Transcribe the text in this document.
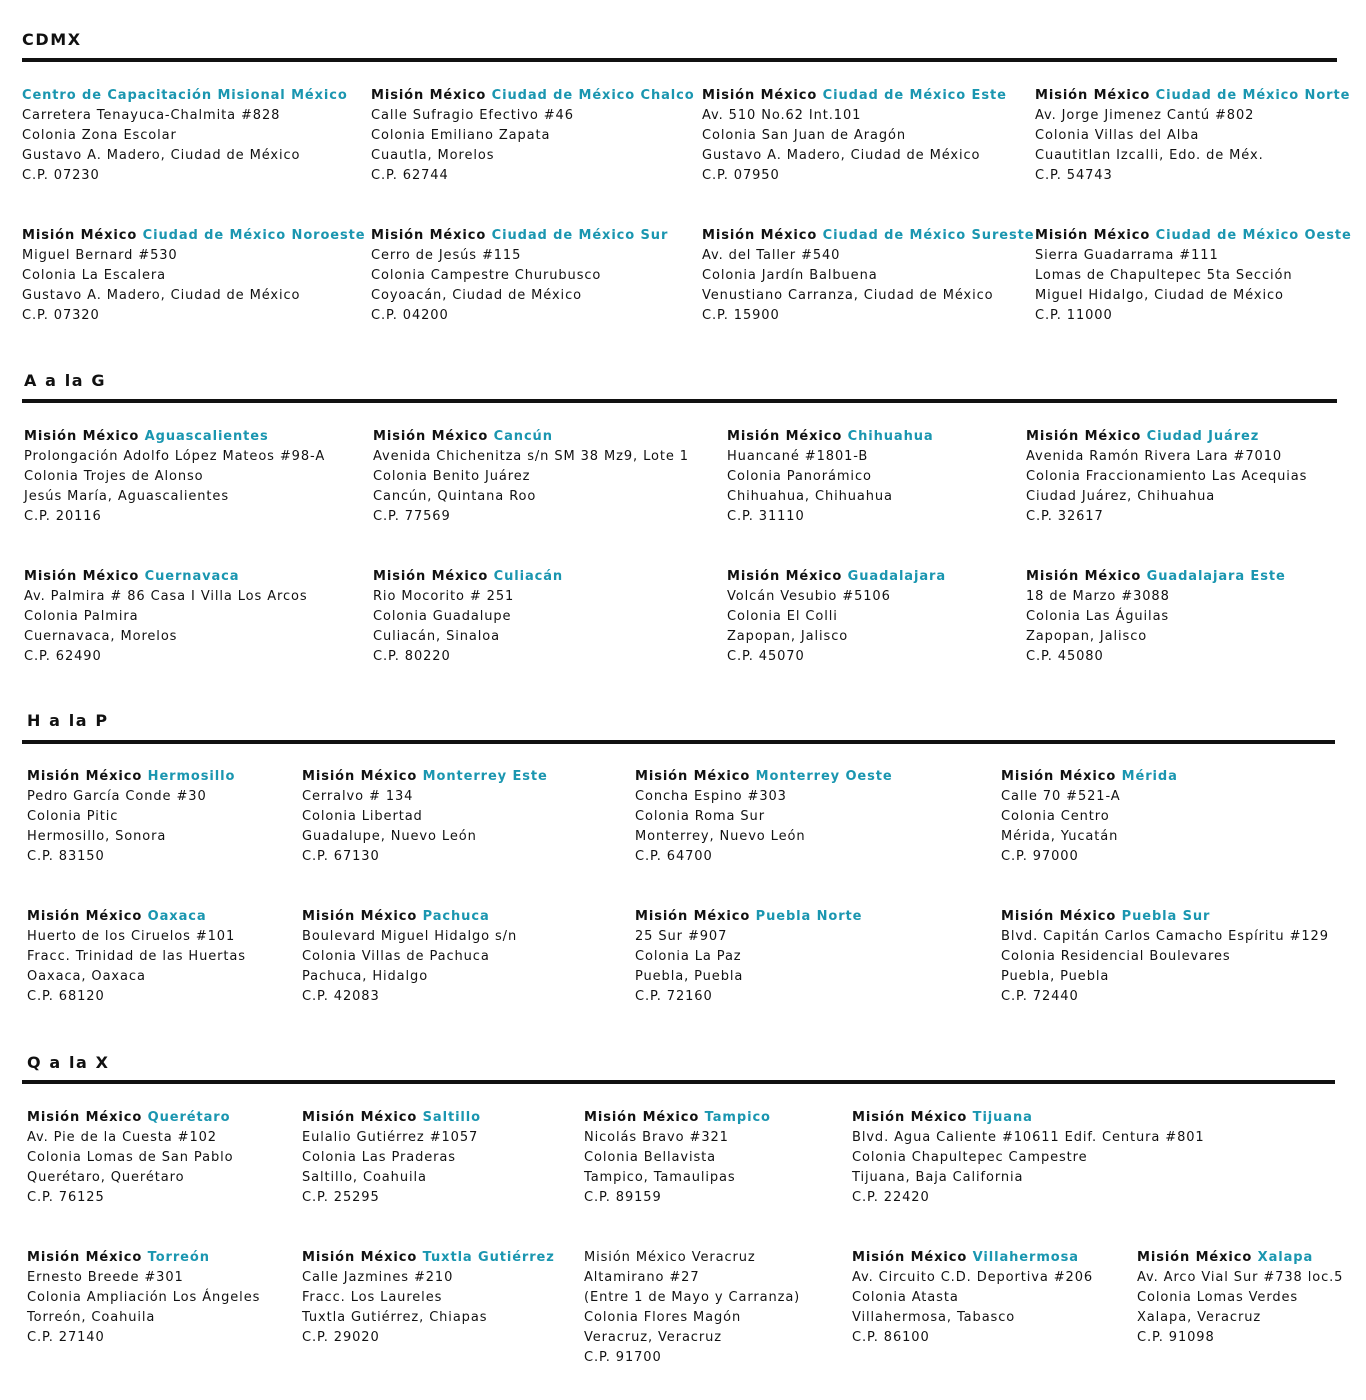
CDMX
Centro de Capacitación Misional México
Carretera Tenayuca-Chalmita #828
Colonia Zona Escolar
Gustavo A. Madero, Ciudad de México
C.P. 07230
Misión México Ciudad de México Chalco
Calle Sufragio Efectivo #46
Colonia Emiliano Zapata
Cuautla, Morelos
C.P. 62744
Misión México Ciudad de México Este
Av. 510 No.62 Int.101
Colonia San Juan de Aragón
Gustavo A. Madero, Ciudad de México
C.P. 07950
Misión México Ciudad de México Norte
Av. Jorge Jimenez Cantú #802
Colonia Villas del Alba
Cuautitlan Izcalli, Edo. de Méx.
C.P. 54743
Misión México Ciudad de México Noroeste
Miguel Bernard #530
Colonia La Escalera
Gustavo A. Madero, Ciudad de México
C.P. 07320
Misión México Ciudad de México Sur
Cerro de Jesús #115
Colonia Campestre Churubusco
Coyoacán, Ciudad de México
C.P. 04200
Misión México Ciudad de México Sureste
Av. del Taller #540
Colonia Jardín Balbuena
Venustiano Carranza, Ciudad de México
C.P. 15900
Misión México Ciudad de México Oeste
Sierra Guadarrama #111
Lomas de Chapultepec 5ta Sección
Miguel Hidalgo, Ciudad de México
C.P. 11000
A a la G
Misión México Aguascalientes
Prolongación Adolfo López Mateos #98-A
Colonia Trojes de Alonso
Jesús María, Aguascalientes
C.P. 20116
Misión México Cancún
Avenida Chichenitza s/n SM 38 Mz9, Lote 1
Colonia Benito Juárez
Cancún, Quintana Roo
C.P. 77569
Misión México Chihuahua
Huancané #1801-B
Colonia Panorámico
Chihuahua, Chihuahua
C.P. 31110
Misión México Ciudad Juárez
Avenida Ramón Rivera Lara #7010
Colonia Fraccionamiento Las Acequias
Ciudad Juárez, Chihuahua
C.P. 32617
Misión México Cuernavaca
Av. Palmira # 86 Casa I Villa Los Arcos
Colonia Palmira
Cuernavaca, Morelos
C.P. 62490
Misión México Culiacán
Rio Mocorito # 251
Colonia Guadalupe
Culiacán, Sinaloa
C.P. 80220
Misión México Guadalajara
Volcán Vesubio #5106
Colonia El Colli
Zapopan, Jalisco
C.P. 45070
Misión México Guadalajara Este
18 de Marzo #3088
Colonia Las Águilas
Zapopan, Jalisco
C.P. 45080
H a la P
Misión México Hermosillo
Pedro García Conde #30
Colonia Pitic
Hermosillo, Sonora
C.P. 83150
Misión México Monterrey Este
Cerralvo # 134
Colonia Libertad
Guadalupe, Nuevo León
C.P. 67130
Misión México Monterrey Oeste
Concha Espino #303
Colonia Roma Sur
Monterrey, Nuevo León
C.P. 64700
Misión México Mérida
Calle 70 #521-A
Colonia Centro
Mérida, Yucatán
C.P. 97000
Misión México Oaxaca
Huerto de los Ciruelos #101
Fracc. Trinidad de las Huertas
Oaxaca, Oaxaca
C.P. 68120
Misión México Pachuca
Boulevard Miguel Hidalgo s/n
Colonia Villas de Pachuca
Pachuca, Hidalgo
C.P. 42083
Misión México Puebla Norte
25 Sur #907
Colonia La Paz
Puebla, Puebla
C.P. 72160
Misión México Puebla Sur
Blvd. Capitán Carlos Camacho Espíritu #129
Colonia Residencial Boulevares
Puebla, Puebla
C.P. 72440
Q a la X
Misión México Querétaro
Av. Pie de la Cuesta #102
Colonia Lomas de San Pablo
Querétaro, Querétaro
C.P. 76125
Misión México Saltillo
Eulalio Gutiérrez #1057
Colonia Las Praderas
Saltillo, Coahuila
C.P. 25295
Misión México Tampico
Nicolás Bravo #321
Colonia Bellavista
Tampico, Tamaulipas
C.P. 89159
Misión México Tijuana
Blvd. Agua Caliente #10611 Edif. Centura #801
Colonia Chapultepec Campestre
Tijuana, Baja California
C.P. 22420
Misión México Torreón
Ernesto Breede #301
Colonia Ampliación Los Ángeles
Torreón, Coahuila
C.P. 27140
Misión México Tuxtla Gutiérrez
Calle Jazmines #210
Fracc. Los Laureles
Tuxtla Gutiérrez, Chiapas
C.P. 29020
Misión México Veracruz
Altamirano #27
(Entre 1 de Mayo y Carranza)
Colonia Flores Magón
Veracruz, Veracruz
C.P. 91700
Misión México Villahermosa
Av. Circuito C.D. Deportiva #206
Colonia Atasta
Villahermosa, Tabasco
C.P. 86100
Misión México Xalapa
Av. Arco Vial Sur #738 loc.5
Colonia Lomas Verdes
Xalapa, Veracruz
C.P. 91098
